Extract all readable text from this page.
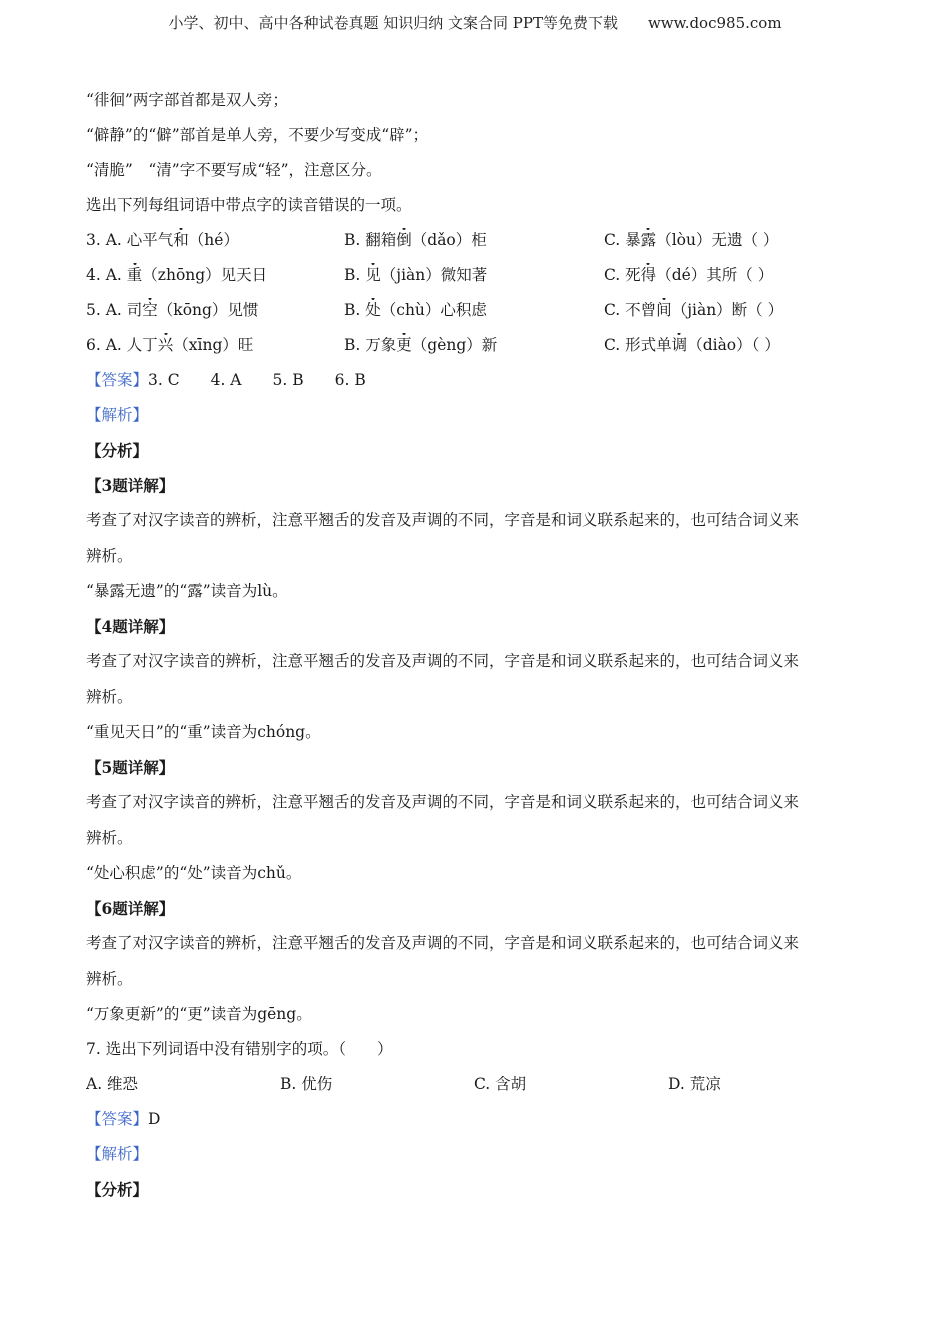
小学、初中、高中各种试卷真题 知识归纳 文案合同 PPT等免费下载　　www.doc985.com
“徘徊”两字部首都是双人旁；
“僻静”的“僻”部首是单人旁，不要少写变成“辟”；
“清脆”　“清”字不要写成“轻”，注意区分。
选出下列每组词语中带点字的读音错误的一项。
3. A. 心平气和（hé）	B. 翻箱倒（dǎo）柜	C. 暴露（lòu）无遗（ ）
4. A. 重（zhōng）见天日	B. 见（jiàn）微知著	C. 死得（dé）其所（ ）
5. A. 司空（kōng）见惯	B. 处（chù）心积虑	C. 不曾间（jiàn）断（ ）
6. A. 人丁兴（xīng）旺	B. 万象更（gèng）新	C. 形式单调（diào）（ ）
【答案】3. C　　4. A　　5. B　　6. B
【解析】
【分析】
【3题详解】
考查了对汉字读音的辨析，注意平翘舌的发音及声调的不同，字音是和词义联系起来的，也可结合词义来
辨析。
“暴露无遗”的“露”读音为lù。
【4题详解】
考查了对汉字读音的辨析，注意平翘舌的发音及声调的不同，字音是和词义联系起来的，也可结合词义来
辨析。
“重见天日”的“重”读音为chóng。
【5题详解】
考查了对汉字读音的辨析，注意平翘舌的发音及声调的不同，字音是和词义联系起来的，也可结合词义来
辨析。
“处心积虑”的“处”读音为chǔ。
【6题详解】
考查了对汉字读音的辨析，注意平翘舌的发音及声调的不同，字音是和词义联系起来的，也可结合词义来
辨析。
“万象更新”的“更”读音为gēng。
7. 选出下列词语中没有错别字的项。（　　）
A. 维恐	B. 优伤	C. 含胡	D. 荒凉
【答案】D
【解析】
【分析】
